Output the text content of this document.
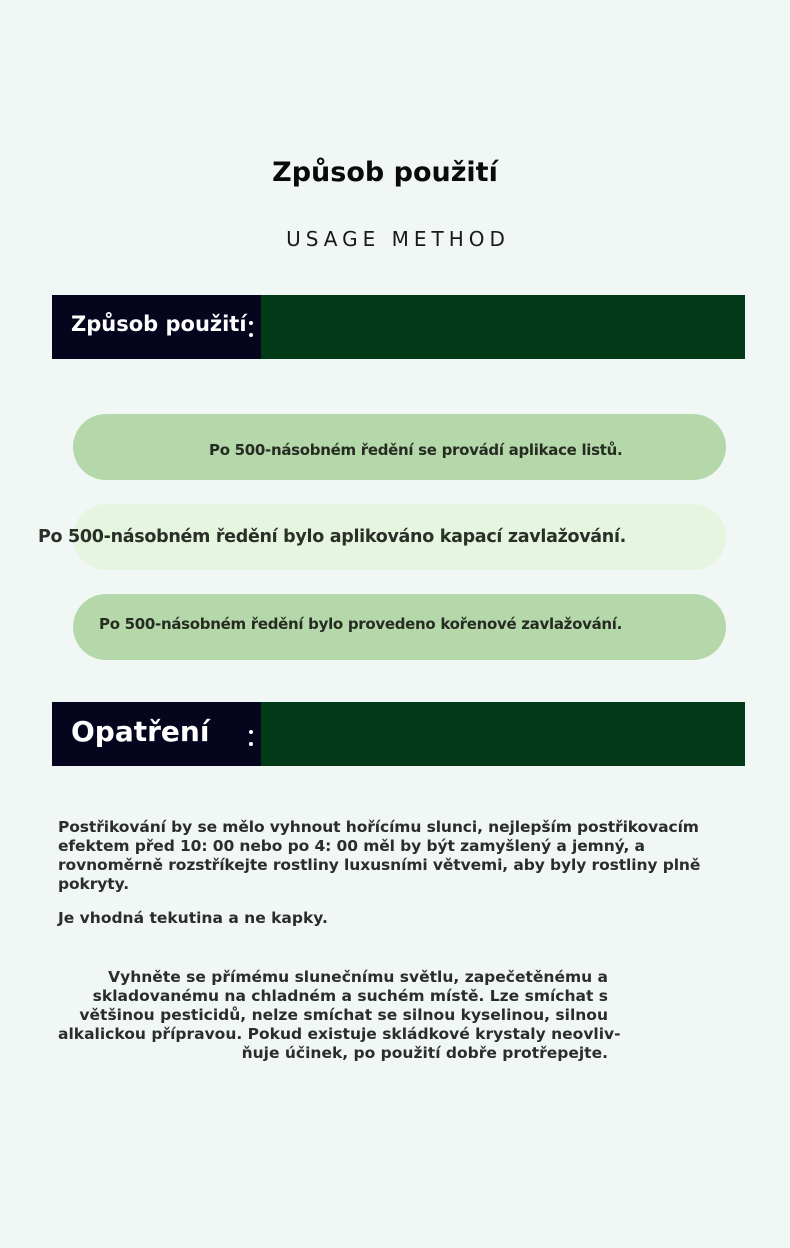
Způsob použití
USAGE METHOD
Způsob použití
Po 500-násobném ředění se provádí aplikace listů.
Po 500-násobném ředění bylo aplikováno kapací zavlažování.
Po 500-násobném ředění bylo provedeno kořenové zavlažování.
Opatření

Postřikování by se mělo vyhnout hořícímu slunci, nejlepším postřikovacím efektem před 10: 00 nebo po 4: 00 měl by být zamyšlený a jemný, a rovnoměrně rozstříkejte rostliny luxusními větvemi, aby byly rostliny plně pokryty.

Je vhodná tekutina a ne kapky.

Vyhněte se přímému slunečnímu světlu, zapečetěnému a
skladovanému na chladném a suchém místě. Lze smíchat s
většinou pesticidů, nelze smíchat se silnou kyselinou, silnou
alkalickou přípravou. Pokud existuje skládkové krystaly neovliv-
ňuje účinek, po použití dobře protřepejte.
